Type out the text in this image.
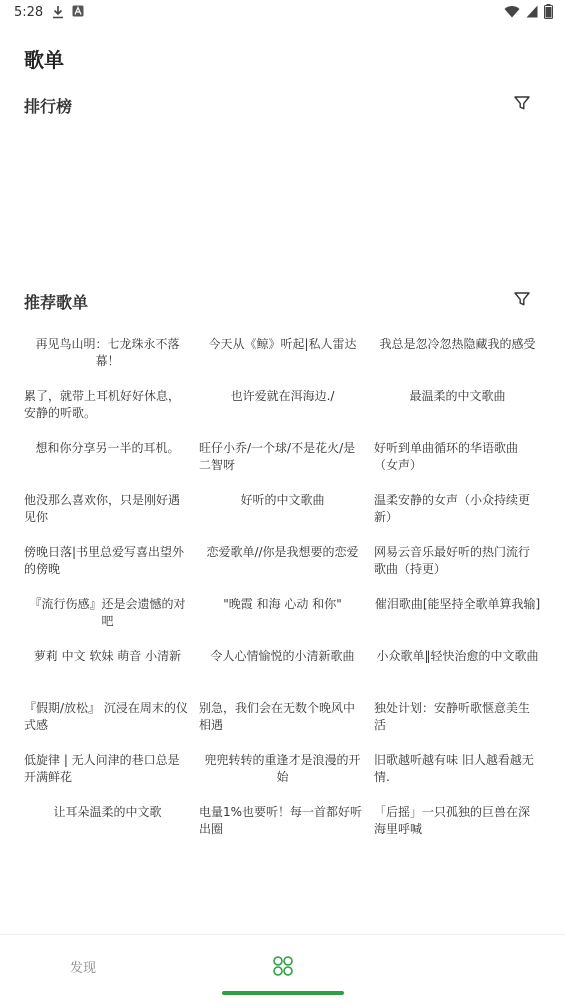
5:28
歌单
排行榜
推荐歌单
再见鸟山明：七龙珠永不落幕！
今天从《鲸》听起|私人雷达	我总是忽冷忽热隐藏我的感受
累了，就带上耳机好好休息，安静的听歌。
也许爱就在洱海边./	最温柔的中文歌曲
想和你分享另一半的耳机。	旺仔小乔/一个球/不是花火/是二智呀
好听到单曲循环的华语歌曲（女声）
他没那么喜欢你，只是刚好遇见你
好听的中文歌曲	温柔安静的女声（小众持续更新）
傍晚日落|书里总爱写喜出望外的傍晚
恋爱歌单//你是我想要的恋爱	网易云音乐最好听的热门流行歌曲（持更）
『流行伤感』还是会遗憾的对吧
"晚霞 和海 心动 和你"	催泪歌曲[能坚持全歌单算我输]
萝莉 中文 软妹 萌音 小清新	令人心情愉悦的小清新歌曲	小众歌单‖轻快治愈的中文歌曲
『假期/放松』 沉浸在周末的仪式感
别急，我们会在无数个晚风中相遇
独处计划：安静听歌惬意美生活
低旋律 | 无人问津的巷口总是开满鲜花
兜兜转转的重逢才是浪漫的开始
旧歌越听越有味 旧人越看越无情.
让耳朵温柔的中文歌	电量1%也要听！每一首都好听出圈
「后摇」一只孤独的巨兽在深海里呼喊
发现
